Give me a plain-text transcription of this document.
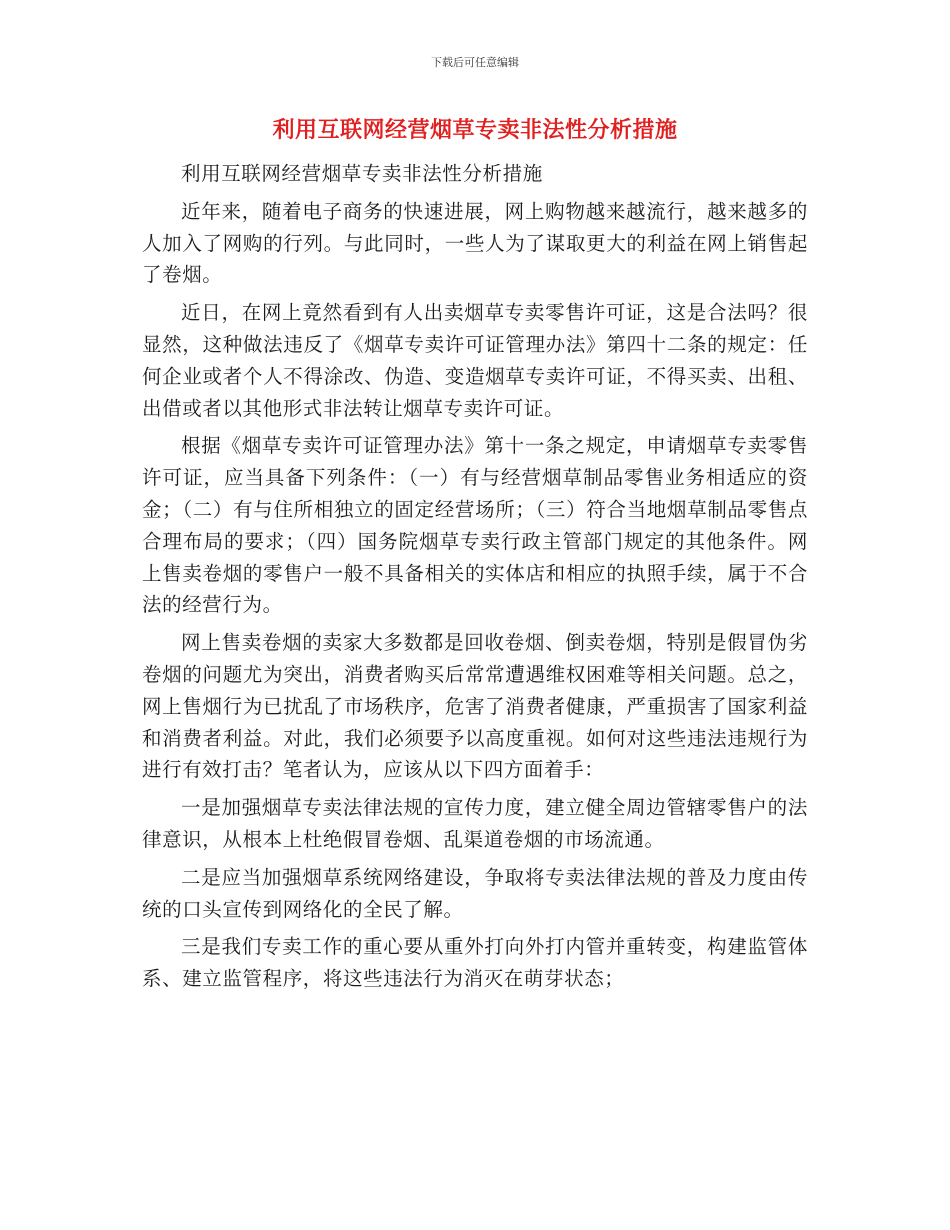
下载后可任意编辑
利用互联网经营烟草专卖非法性分析措施

利用互联网经营烟草专卖非法性分析措施

近年来，随着电子商务的快速进展，网上购物越来越流行，越来越多的人加入了网购的行列。与此同时，一些人为了谋取更大的利益在网上销售起了卷烟。

近日，在网上竟然看到有人出卖烟草专卖零售许可证，这是合法吗？很显然，这种做法违反了《烟草专卖许可证管理办法》第四十二条的规定：任何企业或者个人不得涂改、伪造、变造烟草专卖许可证，不得买卖、出租、出借或者以其他形式非法转让烟草专卖许可证。

根据《烟草专卖许可证管理办法》第十一条之规定，申请烟草专卖零售许可证，应当具备下列条件：（一）有与经营烟草制品零售业务相适应的资金；（二）有与住所相独立的固定经营场所；（三）符合当地烟草制品零售点合理布局的要求；（四）国务院烟草专卖行政主管部门规定的其他条件。网上售卖卷烟的零售户一般不具备相关的实体店和相应的执照手续，属于不合法的经营行为。

网上售卖卷烟的卖家大多数都是回收卷烟、倒卖卷烟，特别是假冒伪劣卷烟的问题尤为突出，消费者购买后常常遭遇维权困难等相关问题。总之，网上售烟行为已扰乱了市场秩序，危害了消费者健康，严重损害了国家利益和消费者利益。对此，我们必须要予以高度重视。如何对这些违法违规行为进行有效打击？笔者认为，应该从以下四方面着手：

一是加强烟草专卖法律法规的宣传力度，建立健全周边管辖零售户的法律意识，从根本上杜绝假冒卷烟、乱渠道卷烟的市场流通。

二是应当加强烟草系统网络建设，争取将专卖法律法规的普及力度由传统的口头宣传到网络化的全民了解。

三是我们专卖工作的重心要从重外打向外打内管并重转变，构建监管体系、建立监管程序，将这些违法行为消灭在萌芽状态；
